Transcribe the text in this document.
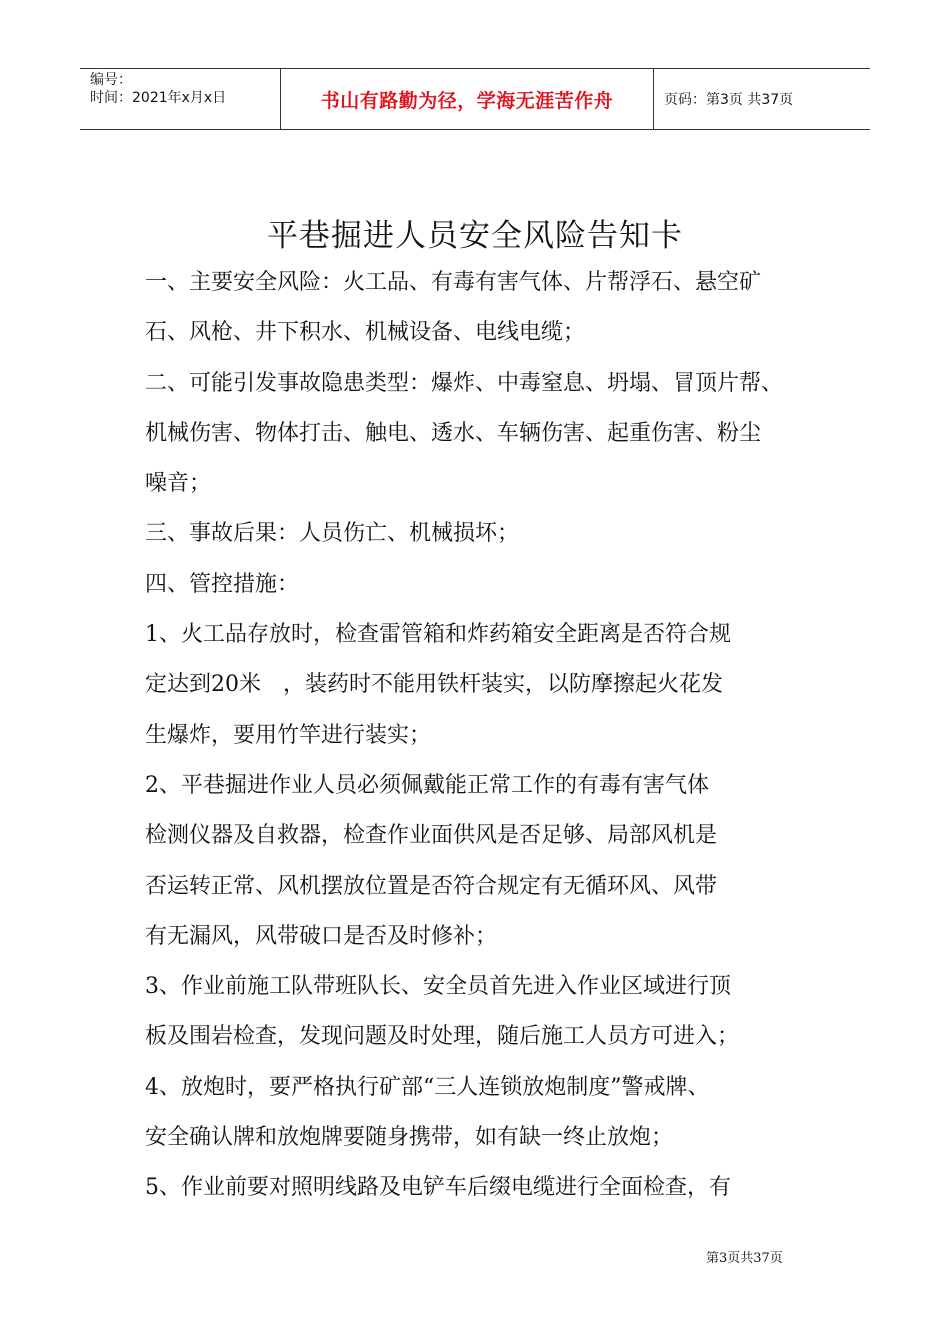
编号：
时间：2021年x月x日	书山有路勤为径，学海无涯苦作舟	页码：第3页 共37页
平巷掘进人员安全风险告知卡
一、主要安全风险：火工品、有毒有害气体、片帮浮石、悬空矿
石、风枪、井下积水、机械设备、电线电缆；
二、可能引发事故隐患类型：爆炸、中毒窒息、坍塌、冒顶片帮、
机械伤害、物体打击、触电、透水、车辆伤害、起重伤害、粉尘
噪音；
三、事故后果：人员伤亡、机械损坏；
四、管控措施：
1、火工品存放时，检查雷管箱和炸药箱安全距离是否符合规
定达到20米　，装药时不能用铁杆装实，以防摩擦起火花发
生爆炸，要用竹竿进行装实；
2、平巷掘进作业人员必须佩戴能正常工作的有毒有害气体
检测仪器及自救器，检查作业面供风是否足够、局部风机是
否运转正常、风机摆放位置是否符合规定有无循环风、风带
有无漏风，风带破口是否及时修补；
3、作业前施工队带班队长、安全员首先进入作业区域进行顶
板及围岩检查，发现问题及时处理，随后施工人员方可进入；
4、放炮时，要严格执行矿部“三人连锁放炮制度”警戒牌、
安全确认牌和放炮牌要随身携带，如有缺一终止放炮；
5、作业前要对照明线路及电铲车后缀电缆进行全面检查，有
第3页共37页
